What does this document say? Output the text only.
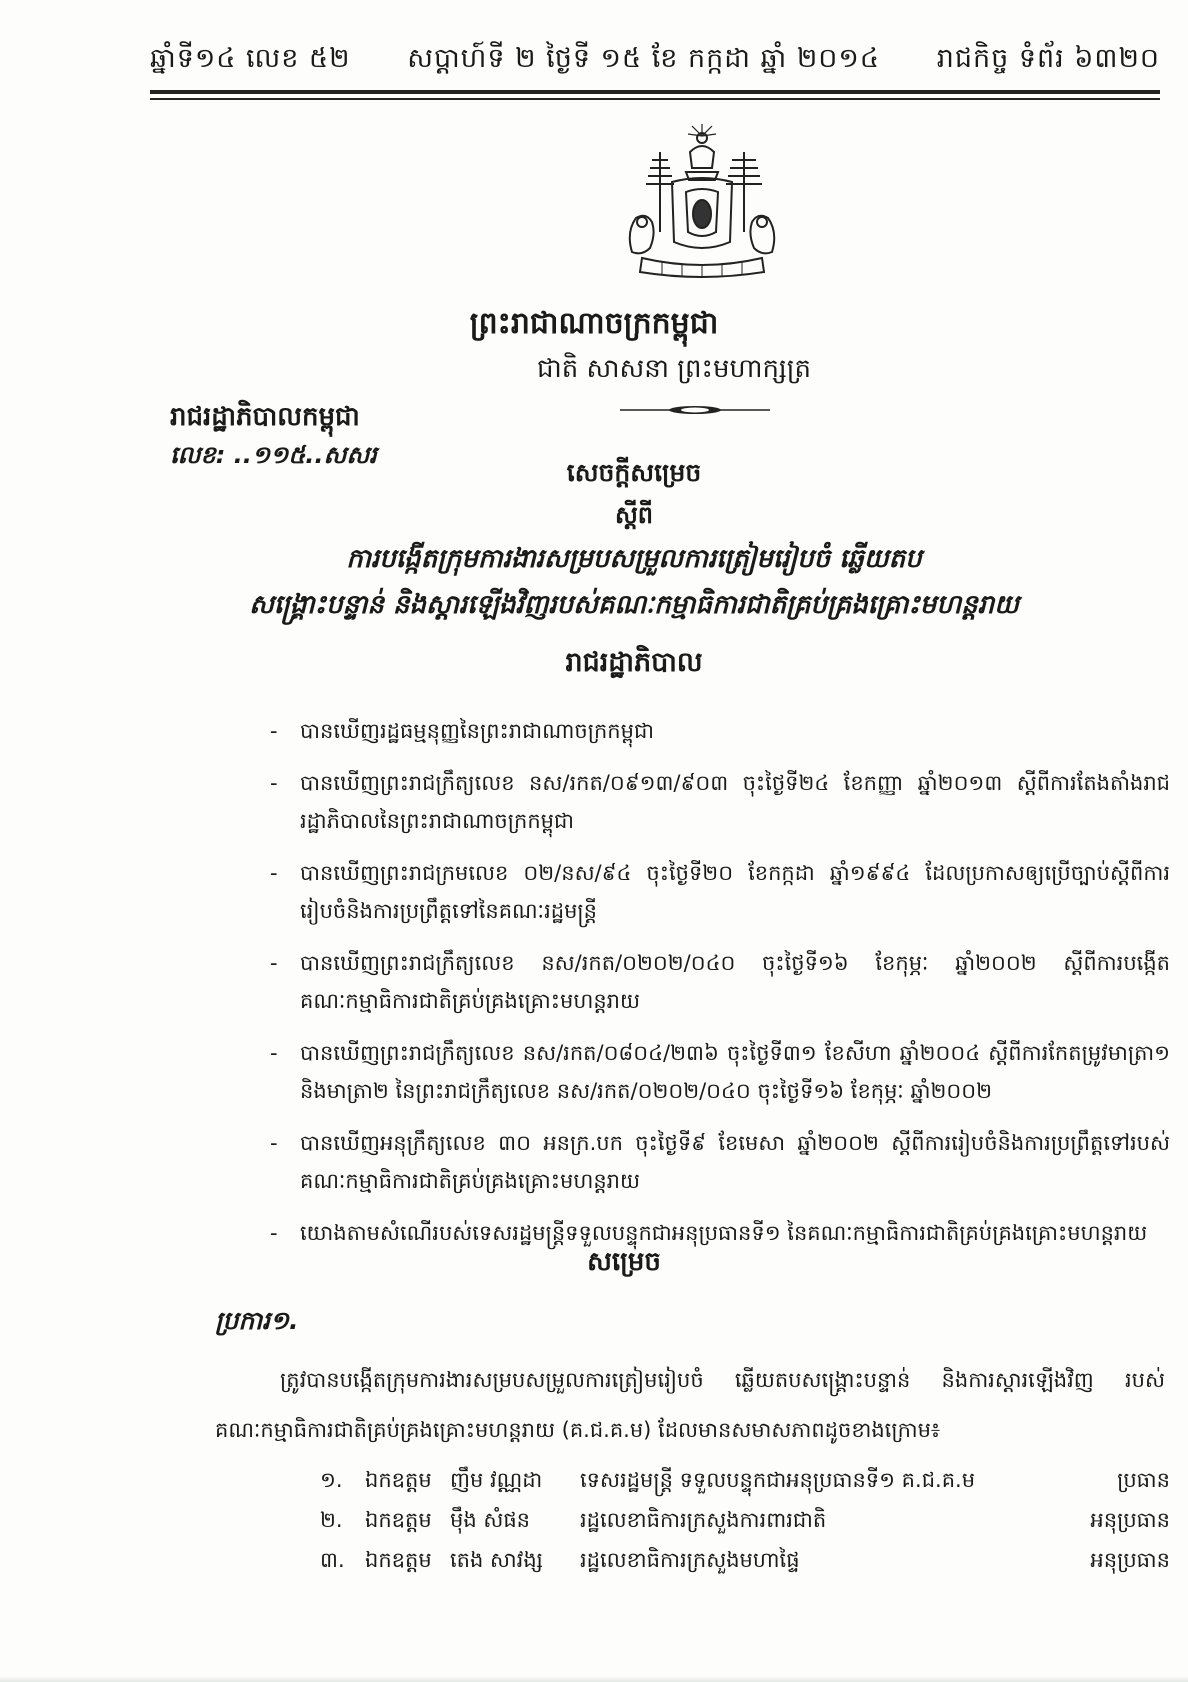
ឆ្នាំទី១៤ លេខ ៥២ សប្តាហ៍ទី ២ ថ្ងៃទី ១៥ ខែ កក្កដា ឆ្នាំ ២០១៤ រាជកិច្ច ទំព័រ ៦៣២០
ព្រះរាជាណាចក្រកម្ពុជា
ជាតិ សាសនា ព្រះមហាក្សត្រ
រាជរដ្ឋាភិបាលកម្ពុជា
លេខ: ..១១៥..សសរ
សេចក្តីសម្រេច
ស្តីពី
ការបង្កើតក្រុមការងារសម្របសម្រួលការត្រៀមរៀបចំ ឆ្លើយតប
សង្គ្រោះបន្ទាន់ និងស្តារឡើងវិញរបស់គណៈកម្មាធិការជាតិគ្រប់គ្រងគ្រោះមហន្តរាយ
រាជរដ្ឋាភិបាល
- បានឃើញរដ្ឋធម្មនុញ្ញនៃព្រះរាជាណាចក្រកម្ពុជា
- បានឃើញព្រះរាជក្រឹត្យលេខ នស/រកត/០៩១៣/៩០៣ ចុះថ្ងៃទី២៤ ខែកញ្ញា ឆ្នាំ២០១៣ ស្តីពីការតែងតាំងរាជរដ្ឋាភិបាលនៃព្រះរាជាណាចក្រកម្ពុជា
- បានឃើញព្រះរាជក្រមលេខ ០២/នស/៩៤ ចុះថ្ងៃទី២០ ខែកក្កដា ឆ្នាំ១៩៩៤ ដែលប្រកាសឲ្យប្រើច្បាប់ស្តីពីការរៀបចំនិងការប្រព្រឹត្តទៅនៃគណៈរដ្ឋមន្ត្រី
- បានឃើញព្រះរាជក្រឹត្យលេខ នស/រកត/០២០២/០៤០ ចុះថ្ងៃទី១៦ ខែកុម្ភៈ ឆ្នាំ២០០២ ស្តីពីការបង្កើតគណៈកម្មាធិការជាតិគ្រប់គ្រងគ្រោះមហន្តរាយ
- បានឃើញព្រះរាជក្រឹត្យលេខ នស/រកត/០៨០៤/២៣៦ ចុះថ្ងៃទី៣១ ខែសីហា ឆ្នាំ២០០៤ ស្តីពីការកែតម្រូវមាត្រា១ និងមាត្រា២ នៃព្រះរាជក្រឹត្យលេខ នស/រកត/០២០២/០៤០ ចុះថ្ងៃទី១៦ ខែកុម្ភៈ ឆ្នាំ២០០២
- បានឃើញអនុក្រឹត្យលេខ ៣០ អនក្រ.បក ចុះថ្ងៃទី៩ ខែមេសា ឆ្នាំ២០០២ ស្តីពីការរៀបចំនិងការប្រព្រឹត្តទៅរបស់គណៈកម្មាធិការជាតិគ្រប់គ្រងគ្រោះមហន្តរាយ
- យោងតាមសំណើរបស់ទេសរដ្ឋមន្ត្រីទទួលបន្ទុកជាអនុប្រធានទី១ នៃគណៈកម្មាធិការជាតិគ្រប់គ្រងគ្រោះមហន្តរាយ
សម្រេច
ប្រការ១.

ត្រូវបានបង្កើតក្រុមការងារសម្របសម្រួលការត្រៀមរៀបចំ ឆ្លើយតបសង្គ្រោះបន្ទាន់ និងការស្តារឡើងវិញ របស់គណៈកម្មាធិការជាតិគ្រប់គ្រងគ្រោះមហន្តរាយ (គ.ជ.គ.ម) ដែលមានសមាសភាពដូចខាងក្រោម៖

១.	ឯកឧត្តម	ញឹម វណ្ណដា	ទេសរដ្ឋមន្ត្រី ទទួលបន្ទុកជាអនុប្រធានទី១ គ.ជ.គ.ម	ប្រធាន
២.	ឯកឧត្តម	ម៉ឹង សំផន	រដ្ឋលេខាធិការក្រសួងការពារជាតិ	អនុប្រធាន
៣.	ឯកឧត្តម	តេង សាវង្ស	រដ្ឋលេខាធិការក្រសួងមហាផ្ទៃ	អនុប្រធាន
